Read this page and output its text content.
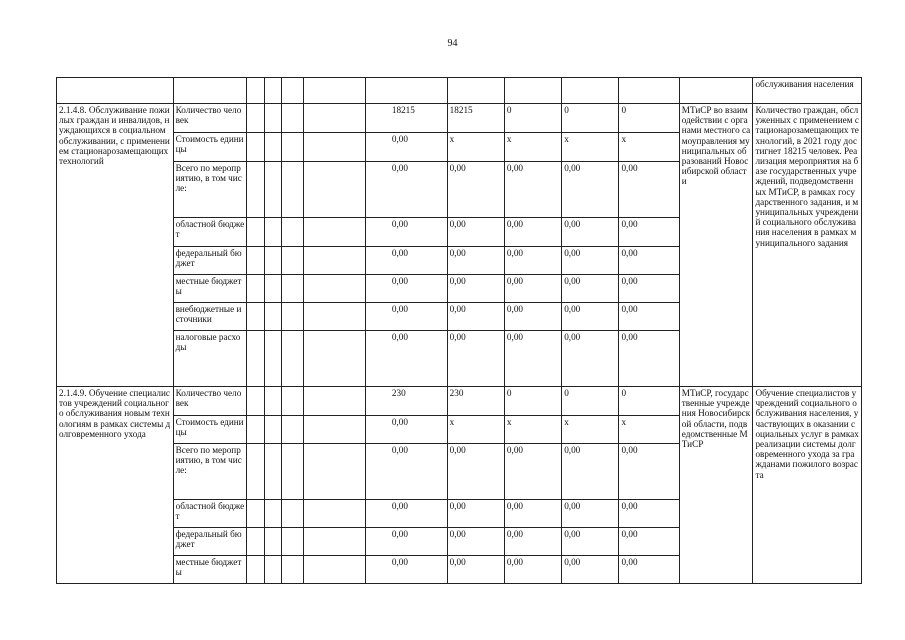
94
													обслуживания населения
2.1.4.8. Обслуживание пожилых граждан и инвалидов, нуждающихся в социальном обслуживании, с применением стационарозамещающих технологий	Количество человек						18215	18215	0	0	0	МТиСР во взаимодействии с органами местного самоуправления муниципальных образований Новосибирской области	Количество граждан, обслуженных с применением стационарозамещающих технологий, в 2021 году достигнет 18215 человек. Реализация мероприятия на базе государственных учреждений, подведомственных МТиСР, в рамках государственного задания, и муниципальных учреждений социального обслуживания населения в рамках муниципального задания
	Стоимость единицы						0,00	x	x	x	x		
	Всего по мероприятию, в том числе:						0,00	0,00	0,00	0,00	0,00		
	областной бюджет						0,00	0,00	0,00	0,00	0,00		
	федеральный бюджет						0,00	0,00	0,00	0,00	0,00		
	местные бюджеты						0,00	0,00	0,00	0,00	0,00		
	внебюджетные источники						0,00	0,00	0,00	0,00	0,00		
	налоговые расходы						0,00	0,00	0,00	0,00	0,00		
2.1.4.9. Обучение специалистов учреждений социального обслуживания новым технологиям в рамках системы долговременного ухода	Количество человек						230	230	0	0	0	МТиСР, государственные учреждения Новосибирской области, подведомственные МТиСР	Обучение специалистов учреждений социального обслуживания населения, участвующих в оказании социальных услуг в рамках реализации системы долговременного ухода за гражданами пожилого возраста
	Стоимость единицы						0,00	x	x	x	x		
	Всего по мероприятию, в том числе:						0,00	0,00	0,00	0,00	0,00		
	областной бюджет						0,00	0,00	0,00	0,00	0,00		
	федеральный бюджет						0,00	0,00	0,00	0,00	0,00		
	местные бюджеты						0,00	0,00	0,00	0,00	0,00		
